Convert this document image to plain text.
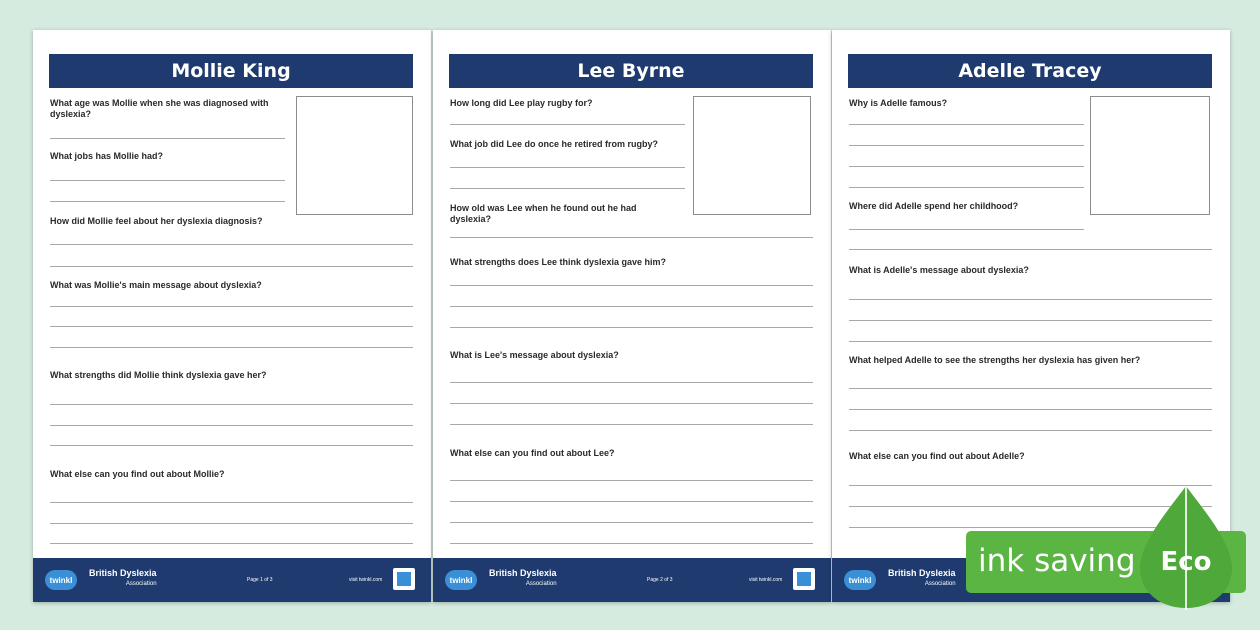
Mollie King
What age was Mollie when she was diagnosed with dyslexia?
What jobs has Mollie had?
How did Mollie feel about her dyslexia diagnosis?
What was Mollie's main message about dyslexia?
What strengths did Mollie think dyslexia gave her?
What else can you find out about Mollie?
twinkl
British Dyslexia
Association
Page 1 of 3	visit twinkl.com
Lee Byrne
How long did Lee play rugby for?
What job did Lee do once he retired from rugby?
How old was Lee when he found out he had dyslexia?
What strengths does Lee think dyslexia gave him?
What is Lee's message about dyslexia?
What else can you find out about Lee?
twinkl
British Dyslexia
Association
Page 2 of 3	visit twinkl.com
Adelle Tracey
Why is Adelle famous?
Where did Adelle spend her childhood?
What is Adelle's message about dyslexia?
What helped Adelle to see the strengths her dyslexia has given her?
What else can you find out about Adelle?
twinkl
British Dyslexia
Association
ink saving Eco
